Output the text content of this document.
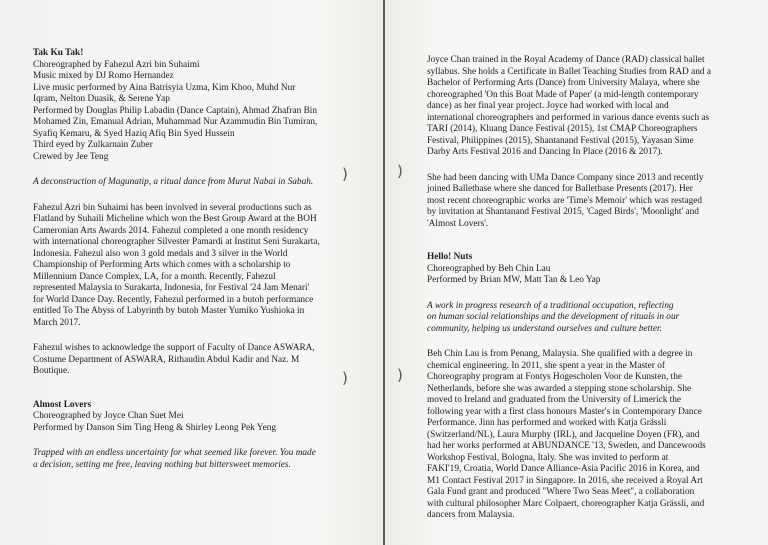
)
)
Tak Ku Tak!
Choreographed by Fahezul Azri bin Suhaimi
Music mixed by DJ Romo Hernandez
Live music performed by Aina Batrisyia Uzma, Kim Khoo, Muhd Nur
Iqram, Nelton Duasik, & Serene Yap
Performed by Douglas Philip Labadin (Dance Captain), Ahmad Zhafran Bin
Mohamed Zin, Emanual Adrian, Muhammad Nur Azammudin Bin Tumiran,
Syafiq Kemaru, & Syed Haziq Afiq Bin Syed Hussein
Third eyed by Zulkarnain Zuber
Crewed by Jee Teng
A deconstruction of Magunatip, a ritual dance from Murut Nabai in Sabah.
Fahezul Azri bin Suhaimi has been involved in several productions such as
Flatland by Suhaili Micheline which won the Best Group Award at the BOH
Cameronian Arts Awards 2014. Fahezul completed a one month residency
with international choreographer Silvester Pamardi at Institut Seni Surakarta,
Indonesia. Fahezul also won 3 gold medals and 3 silver in the World
Championship of Performing Arts which comes with a scholarship to
Millennium Dance Complex, LA, for a month. Recently, Fahezul
represented Malaysia to Surakarta, Indonesia, for Festival '24 Jam Menari'
for World Dance Day. Recently, Fahezul performed in a butoh performance
entitled To The Abyss of Labyrinth by butoh Master Yumiko Yushioka in
March 2017.
Fahezul wishes to acknowledge the support of Faculty of Dance ASWARA,
Costume Department of ASWARA, Rithaudin Abdul Kadir and Naz. M
Boutique.
Almost Lovers
Choreographed by Joyce Chan Suet Mei
Performed by Danson Sim Ting Heng & Shirley Leong Pek Yeng
Trapped with an endless uncertainty for what seemed like forever. You made
a decision, setting me free, leaving nothing but bittersweet memories.
)
)
Joyce Chan trained in the Royal Academy of Dance (RAD) classical ballet
syllabus. She holds a Certificate in Ballet Teaching Studies from RAD and a
Bachelor of Performing Arts (Dance) from University Malaya, where she
choreographed 'On this Boat Made of Paper' (a mid-length contemporary
dance) as her final year project. Joyce had worked with local and
international choreographers and performed in various dance events such as
TARI (2014), Kluang Dance Festival (2015), 1st CMAP Choreographers
Festival, Philippines (2015), Shantanand Festival (2015), Yayasan Sime
Darby Arts Festival 2016 and Dancing In Place (2016 & 2017).
She had been dancing with UMa Dance Company since 2013 and recently
joined Balletbase where she danced for Balletbase Presents (2017). Her
most recent choreographic works are 'Time's Memoir' which was restaged
by invitation at Shantanand Festival 2015, 'Caged Birds', 'Moonlight' and
'Almost Lovers'.
Hello! Nuts
Choreographed by Beh Chin Lau
Performed by Brian MW, Matt Tan & Leo Yap
A work in progress research of a traditional occupation, reflecting
on human social relationships and the development of rituals in our
community, helping us understand ourselves and culture better.
Beh Chin Lau is from Penang, Malaysia. She qualified with a degree in
chemical engineering. In 2011, she spent a year in the Master of
Choreography program at Fontys Hogescholen Voor de Kunsten, the
Netherlands, before she was awarded a stepping stone scholarship. She
moved to Ireland and graduated from the University of Limerick the
following year with a first class honours Master's in Contemporary Dance
Performance. Jinn has performed and worked with Katja Grässli
(Switzerland/NL), Laura Murphy (IRL), and Jacqueline Doyen (FR), and
had her works performed at ABUNDANCE '13, Sweden, and Dancewoods
Workshop Festival, Bologna, Italy. She was invited to perform at
FAKI'19, Croatia, World Dance Alliance-Asia Pacific 2016 in Korea, and
M1 Contact Festival 2017 in Singapore. In 2016, she received a Royal Art
Gala Fund grant and produced "Where Two Seas Meet", a collaboration
with cultural philosopher Marc Colpaert, choreographer Katja Grässli, and
dancers from Malaysia.
